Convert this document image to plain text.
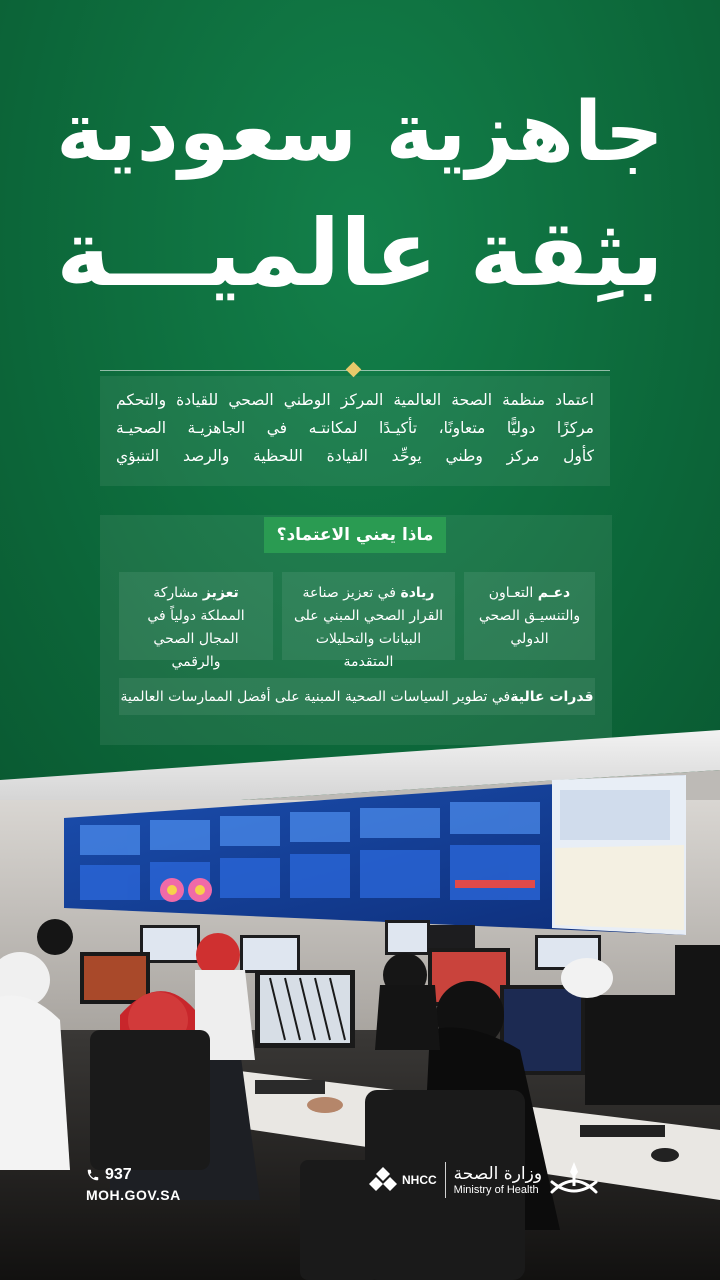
جاهزية سعودية
بثِقة عالميـــة
اعتماد منظمة الصحة العالمية المركز الوطني الصحي للقيادة والتحكم
مركزًا دوليًّا متعاونًا، تأكيـدًا لمكانتـه في الجاهزيـة الصحيـة
كأول مركز وطني يوحِّد القيادة اللحظية والرصد التنبؤي
ماذا يعني الاعتماد؟
دعـم التعـاون والتنسيـق الصحي الدولي
ريادة في تعزيز صناعة القرار الصحي المبني على البيانات والتحليلات المتقدمة
تعزيز مشاركة المملكة دولياً في المجال الصحي والرقمي
قدرات عالية
في تطوير السياسات الصحية المبنية على أفضل الممارسات العالمية
937
MOH.GOV.SA
NHCC وزارة الصحة
Ministry of Health
